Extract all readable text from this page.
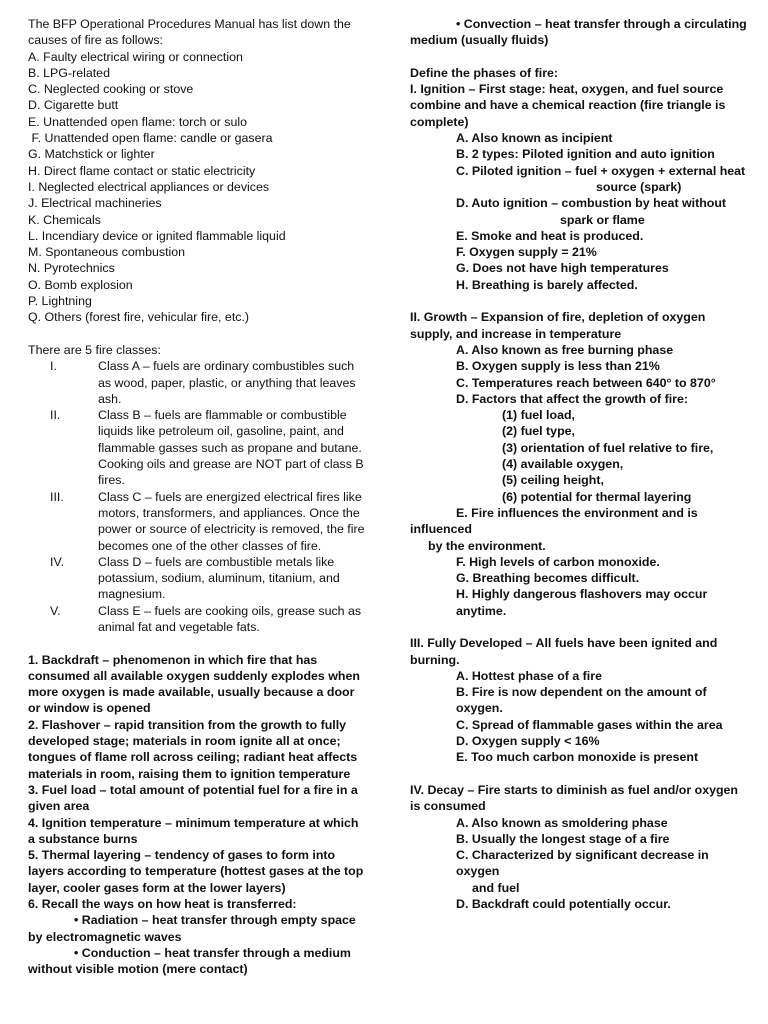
The BFP Operational Procedures Manual has list down the causes of fire as follows:

A. Faulty electrical wiring or connection

B. LPG-related

C. Neglected cooking or stove

D. Cigarette butt

E. Unattended open flame: torch or sulo

F. Unattended open flame: candle or gasera

G. Matchstick or lighter

H. Direct flame contact or static electricity

I. Neglected electrical appliances or devices

J. Electrical machineries

K. Chemicals

L. Incendiary device or ignited flammable liquid

M. Spontaneous combustion

N. Pyrotechnics

O. Bomb explosion

P. Lightning

Q. Others (forest fire, vehicular fire, etc.)

There are 5 fire classes:

I.	Class A – fuels are ordinary combustibles such as wood, paper, plastic, or anything that leaves ash.
II.	Class B – fuels are flammable or combustible liquids like petroleum oil, gasoline, paint, and flammable gasses such as propane and butane. Cooking oils and grease are NOT part of class B fires.
III.	Class C – fuels are energized electrical fires like motors, transformers, and appliances. Once the power or source of electricity is removed, the fire becomes one of the other classes of fire.
IV.	Class D – fuels are combustible metals like potassium, sodium, aluminum, titanium, and magnesium.
V.	Class E – fuels are cooking oils, grease such as animal fat and vegetable fats.

1. Backdraft – phenomenon in which fire that has consumed all available oxygen suddenly explodes when more oxygen is made available, usually because a door or window is opened

2. Flashover – rapid transition from the growth to fully developed stage; materials in room ignite all at once; tongues of flame roll across ceiling; radiant heat affects materials in room, raising them to ignition temperature

3. Fuel load – total amount of potential fuel for a fire in a given area

4. Ignition temperature – minimum temperature at which a substance burns

5. Thermal layering – tendency of gases to form into layers according to temperature (hottest gases at the top layer, cooler gases form at the lower layers)

6. Recall the ways on how heat is transferred:

• Radiation – heat transfer through empty space

by electromagnetic waves

• Conduction – heat transfer through a medium

without visible motion (mere contact)

• Convection – heat transfer through a circulating

medium (usually fluids)

Define the phases of fire:

I. Ignition – First stage: heat, oxygen, and fuel source combine and have a chemical reaction (fire triangle is complete)

A. Also known as incipient

B. 2 types: Piloted ignition and auto ignition

C. Piloted ignition – fuel + oxygen + external heat

source (spark)

D. Auto ignition – combustion by heat without

spark or flame

E. Smoke and heat is produced.

F. Oxygen supply = 21%

G. Does not have high temperatures

H. Breathing is barely affected.

II. Growth – Expansion of fire, depletion of oxygen supply, and increase in temperature

A. Also known as free burning phase

B. Oxygen supply is less than 21%

C. Temperatures reach between 640° to 870°

D. Factors that affect the growth of fire:

(1) fuel load,

(2) fuel type,

(3) orientation of fuel relative to fire,

(4) available oxygen,

(5) ceiling height,

(6) potential for thermal layering

E. Fire influences the environment and is

influenced

by the environment.

F. High levels of carbon monoxide.

G. Breathing becomes difficult.

H. Highly dangerous flashovers may occur

anytime.

III. Fully Developed – All fuels have been ignited and burning.

A. Hottest phase of a fire

B. Fire is now dependent on the amount of

oxygen.

C. Spread of flammable gases within the area

D. Oxygen supply < 16%

E. Too much carbon monoxide is present

IV. Decay – Fire starts to diminish as fuel and/or oxygen is consumed

A. Also known as smoldering phase

B. Usually the longest stage of a fire

C. Characterized by significant decrease in oxygen

and fuel

D. Backdraft could potentially occur.
